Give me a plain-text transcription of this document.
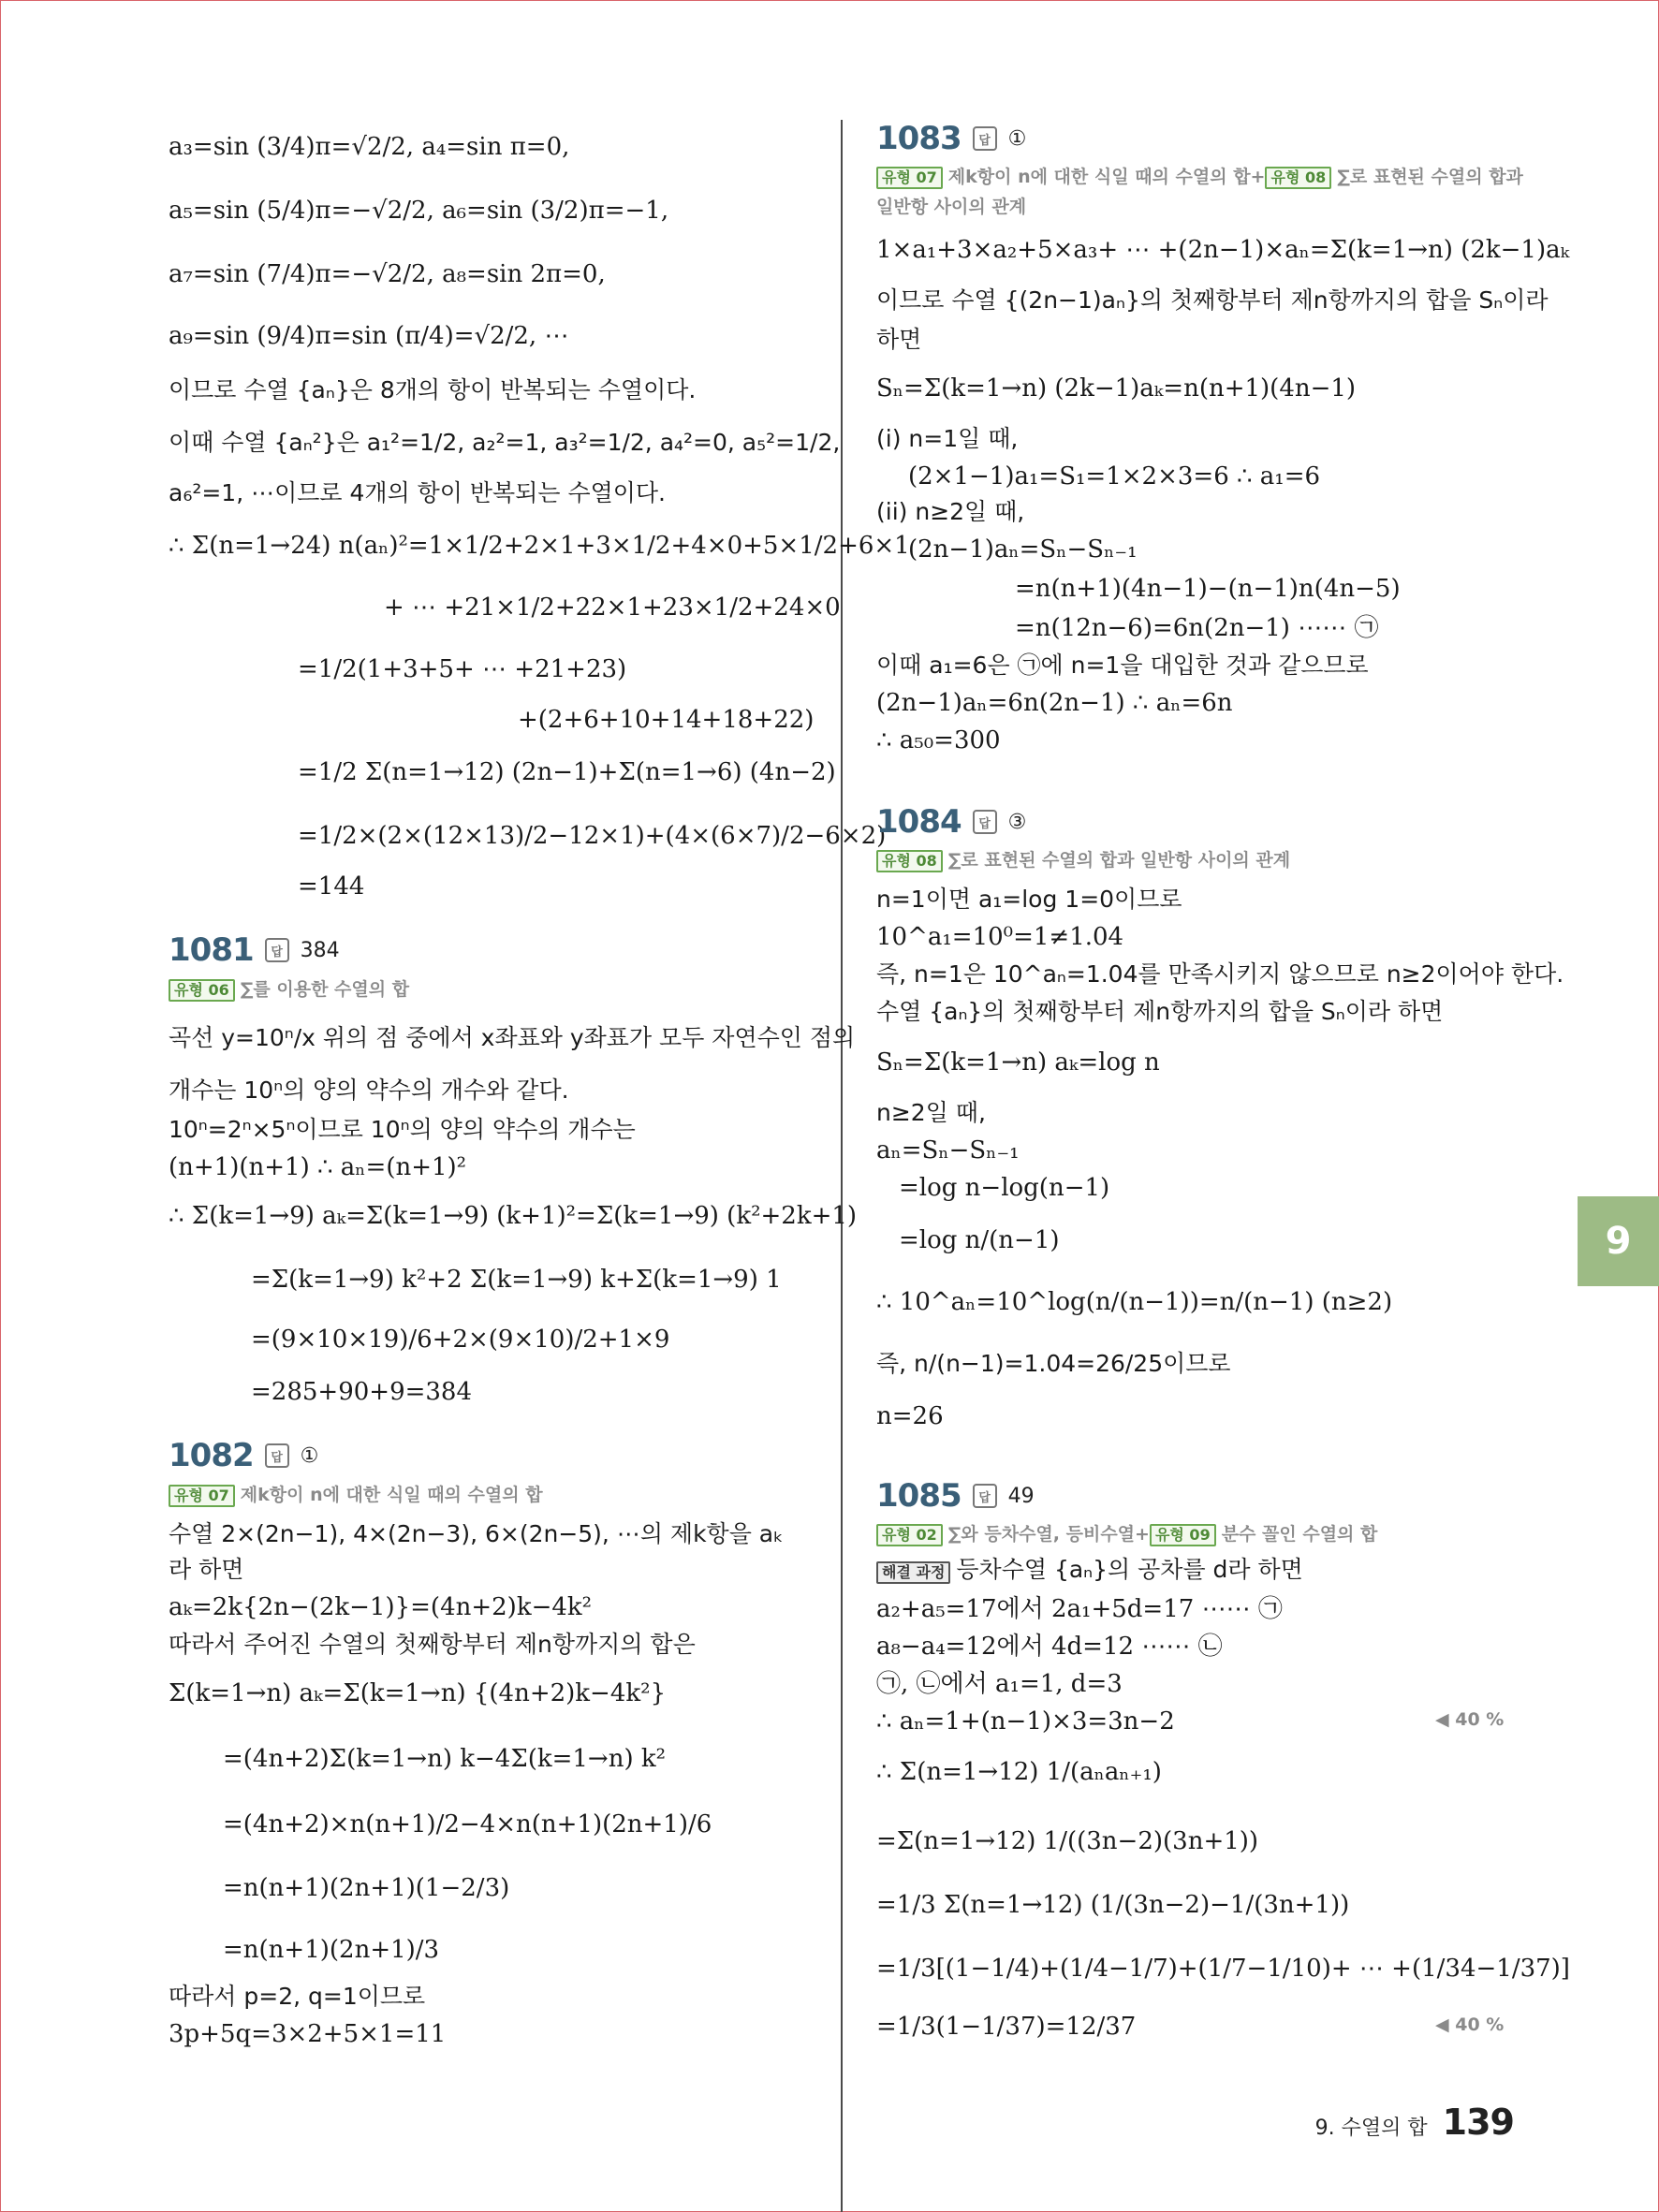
9
a₃=sin (3/4)π=√2/2, a₄=sin π=0,
a₅=sin (5/4)π=−√2/2, a₆=sin (3/2)π=−1,
a₇=sin (7/4)π=−√2/2, a₈=sin 2π=0,
a₉=sin (9/4)π=sin (π/4)=√2/2, ⋯
이므로 수열 {aₙ}은 8개의 항이 반복되는 수열이다.
이때 수열 {aₙ²}은 a₁²=1/2, a₂²=1, a₃²=1/2, a₄²=0, a₅²=1/2,
a₆²=1, ⋯이므로 4개의 항이 반복되는 수열이다.
∴ Σ(n=1→24) n(aₙ)²=1×1/2+2×1+3×1/2+4×0+5×1/2+6×1
+ ⋯ +21×1/2+22×1+23×1/2+24×0
=1/2(1+3+5+ ⋯ +21+23)
+(2+6+10+14+18+22)
=1/2 Σ(n=1→12) (2n−1)+Σ(n=1→6) (4n−2)
=1/2×(2×(12×13)/2−12×1)+(4×(6×7)/2−6×2)
=144
1081	답 384
유형 06 ∑를 이용한 수열의 합
곡선 y=10ⁿ/x 위의 점 중에서 x좌표와 y좌표가 모두 자연수인 점의
개수는 10ⁿ의 양의 약수의 개수와 같다.
10ⁿ=2ⁿ×5ⁿ이므로 10ⁿ의 양의 약수의 개수는
(n+1)(n+1) ∴ aₙ=(n+1)²
∴ Σ(k=1→9) aₖ=Σ(k=1→9) (k+1)²=Σ(k=1→9) (k²+2k+1)
=Σ(k=1→9) k²+2 Σ(k=1→9) k+Σ(k=1→9) 1
=(9×10×19)/6+2×(9×10)/2+1×9
=285+90+9=384
1082	답 ①
유형 07 제k항이 n에 대한 식일 때의 수열의 합
수열 2×(2n−1), 4×(2n−3), 6×(2n−5), ⋯의 제k항을 aₖ
라 하면
aₖ=2k{2n−(2k−1)}=(4n+2)k−4k²
따라서 주어진 수열의 첫째항부터 제n항까지의 합은
Σ(k=1→n) aₖ=Σ(k=1→n) {(4n+2)k−4k²}
=(4n+2)Σ(k=1→n) k−4Σ(k=1→n) k²
=(4n+2)×n(n+1)/2−4×n(n+1)(2n+1)/6
=n(n+1)(2n+1)(1−2/3)
=n(n+1)(2n+1)/3
따라서 p=2, q=1이므로
3p+5q=3×2+5×1=11
1083	답 ①
유형 07 제k항이 n에 대한 식일 때의 수열의 합+ 유형 08 ∑로 표현된 수열의 합과
일반항 사이의 관계
1×a₁+3×a₂+5×a₃+ ⋯ +(2n−1)×aₙ=Σ(k=1→n) (2k−1)aₖ
이므로 수열 {(2n−1)aₙ}의 첫째항부터 제n항까지의 합을 Sₙ이라
하면
Sₙ=Σ(k=1→n) (2k−1)aₖ=n(n+1)(4n−1)
(i) n=1일 때,
(2×1−1)a₁=S₁=1×2×3=6 ∴ a₁=6
(ii) n≥2일 때,
(2n−1)aₙ=Sₙ−Sₙ₋₁
=n(n+1)(4n−1)−(n−1)n(4n−5)
=n(12n−6)=6n(2n−1) ⋯⋯ ㉠
이때 a₁=6은 ㉠에 n=1을 대입한 것과 같으므로
(2n−1)aₙ=6n(2n−1) ∴ aₙ=6n
∴ a₅₀=300
1084	답 ③
유형 08 ∑로 표현된 수열의 합과 일반항 사이의 관계
n=1이면 a₁=log 1=0이므로
10^a₁=10⁰=1≠1.04
즉, n=1은 10^aₙ=1.04를 만족시키지 않으므로 n≥2이어야 한다.
수열 {aₙ}의 첫째항부터 제n항까지의 합을 Sₙ이라 하면
Sₙ=Σ(k=1→n) aₖ=log n
n≥2일 때,
aₙ=Sₙ−Sₙ₋₁
=log n−log(n−1)
=log n/(n−1)
∴ 10^aₙ=10^log(n/(n−1))=n/(n−1) (n≥2)
즉, n/(n−1)=1.04=26/25이므로
n=26
1085	답 49
유형 02 ∑와 등차수열, 등비수열+ 유형 09 분수 꼴인 수열의 합
해결 과정 등차수열 {aₙ}의 공차를 d라 하면
a₂+a₅=17에서 2a₁+5d=17 ⋯⋯ ㉠
a₈−a₄=12에서 4d=12 ⋯⋯ ㉡
㉠, ㉡에서 a₁=1, d=3
∴ aₙ=1+(n−1)×3=3n−2	◀ 40 %
∴ Σ(n=1→12) 1/(aₙaₙ₊₁)
=Σ(n=1→12) 1/((3n−2)(3n+1))
=1/3 Σ(n=1→12) (1/(3n−2)−1/(3n+1))
=1/3[(1−1/4)+(1/4−1/7)+(1/7−1/10)+ ⋯ +(1/34−1/37)]
=1/3(1−1/37)=12/37	◀ 40 %
9. 수열의 합 139
